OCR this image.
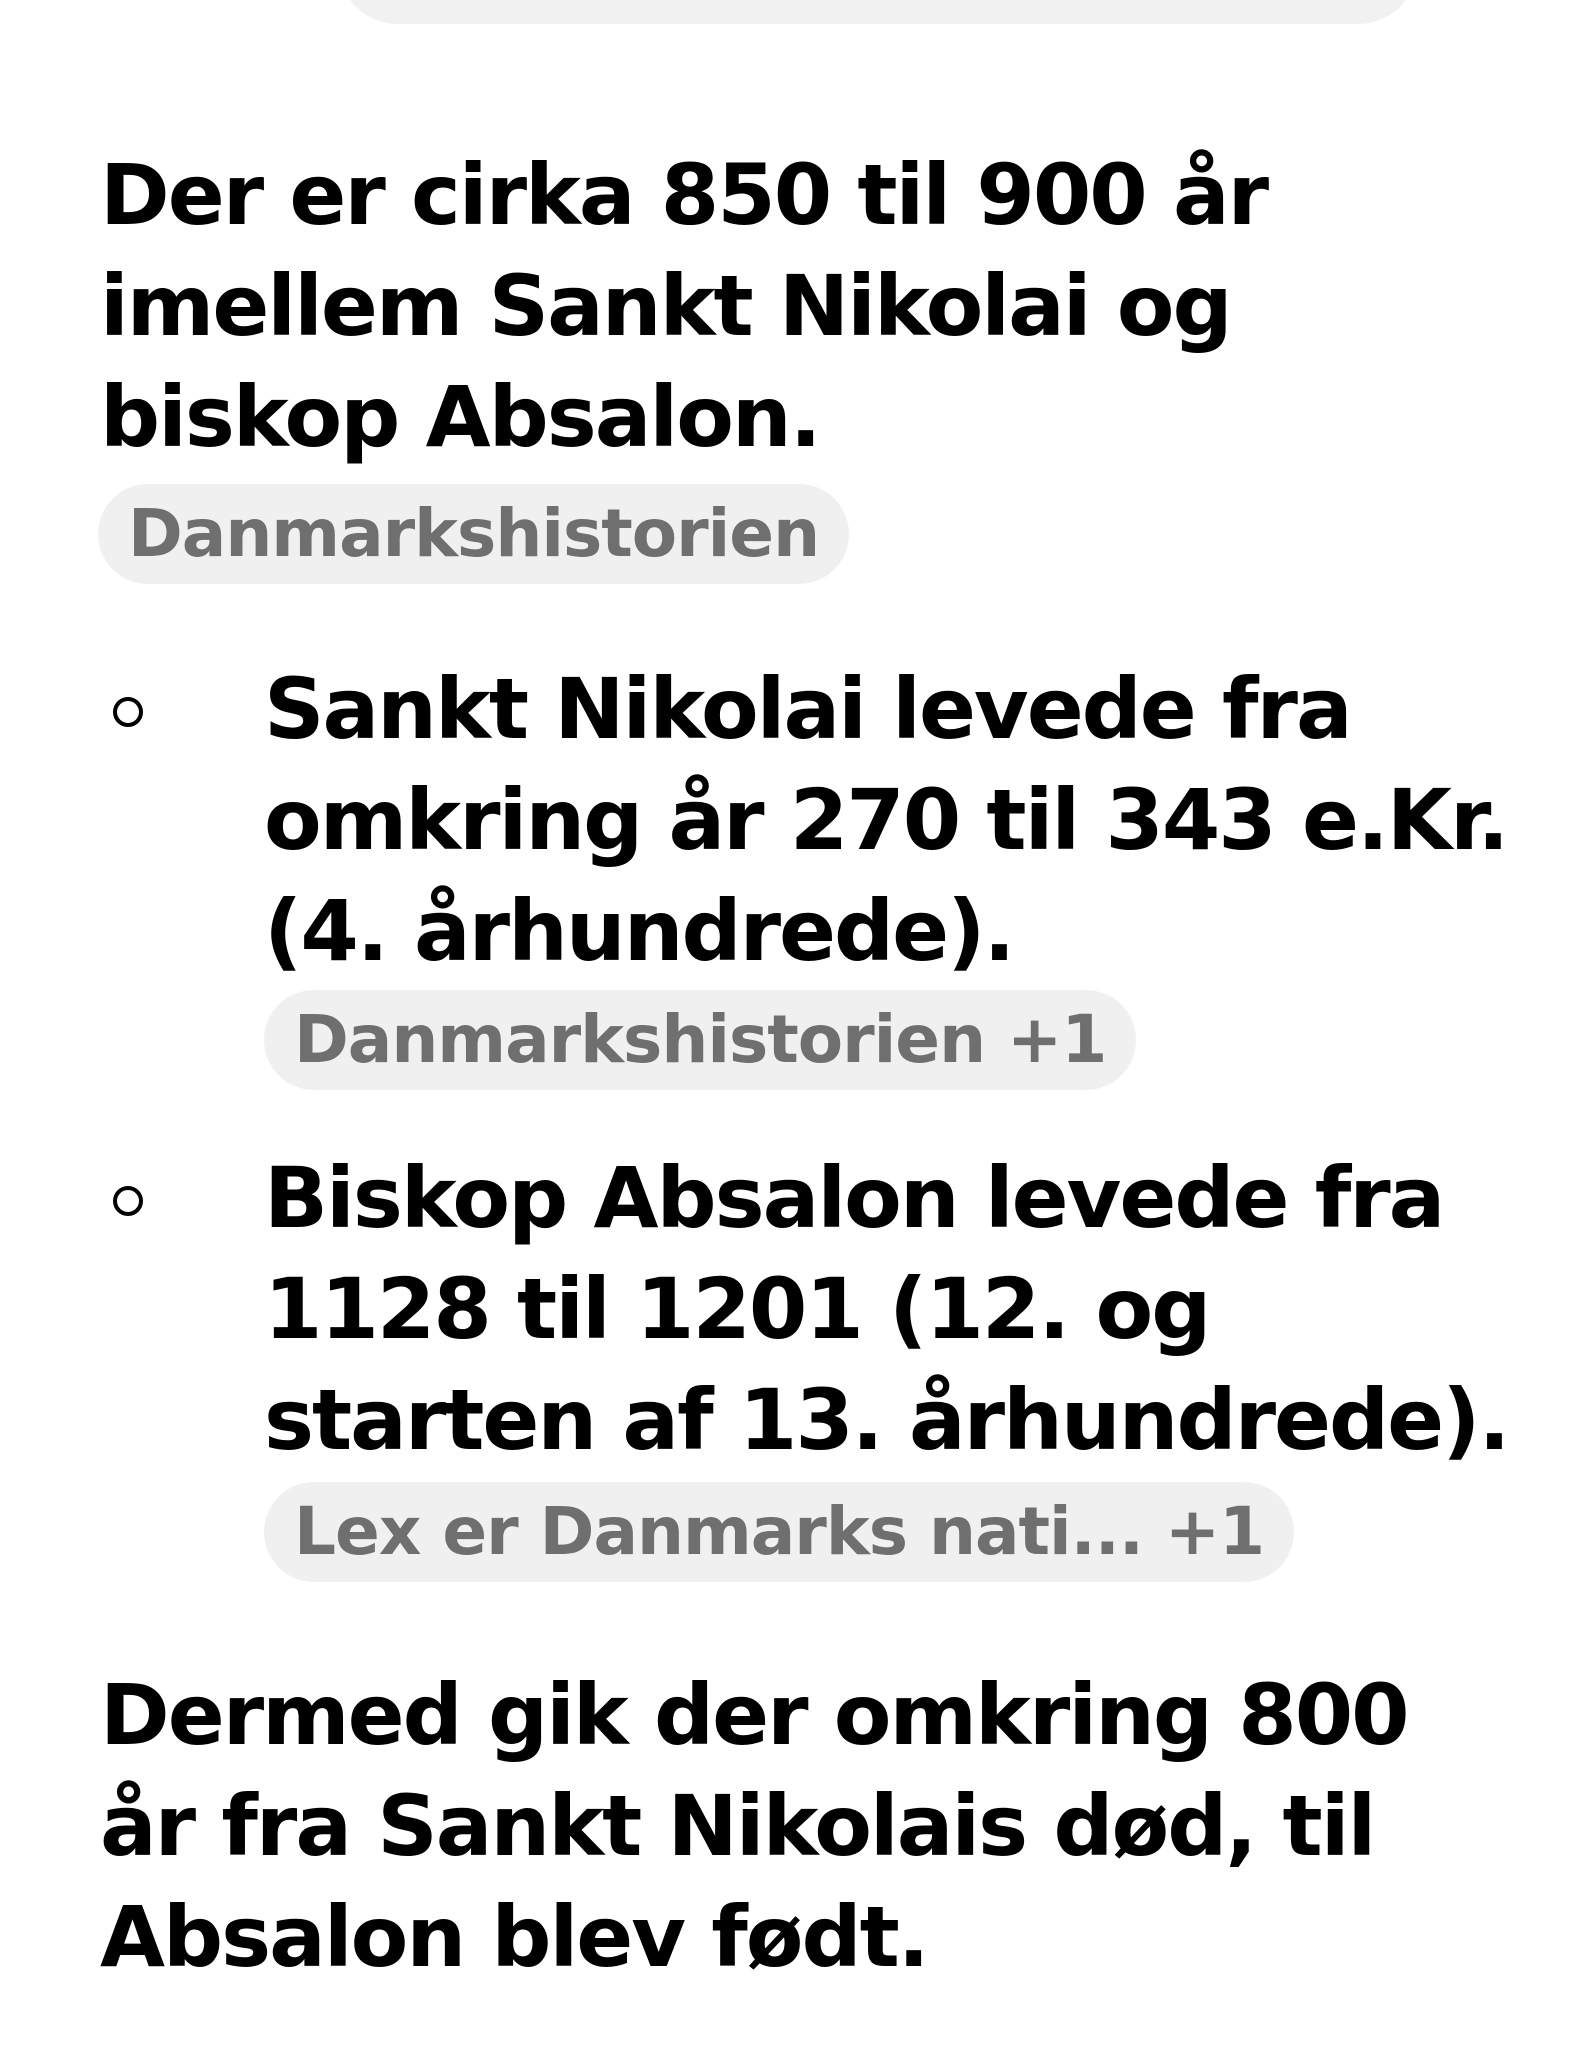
Der er cirka 850 til 900 år imellem Sankt Nikolai og biskop Absalon.

Danmarkshistorien

Sankt Nikolai levede fra omkring år 270 til 343 e.Kr. (4. århundrede).

Danmarkshistorien +1

Biskop Absalon levede fra 1128 til 1201 (12. og starten af 13. århundrede).

Lex er Danmarks nati... +1

Dermed gik der omkring 800 år fra Sankt Nikolais død, til Absalon blev født.
